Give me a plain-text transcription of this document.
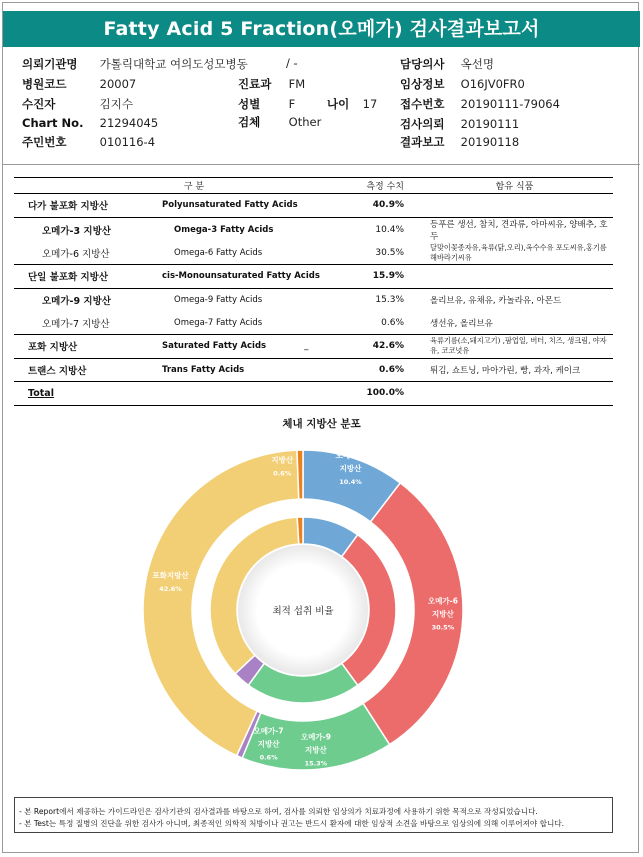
Fatty Acid 5 Fraction(오메가) 검사결과보고서
의뢰기관명 가톨릭대학교 여의도성모병동	/ -	담당의사 옥선명
병원코드	20007	진료과 FM	임상정보 O16JV0FR0
수진자	김지수	성별 F	나이 17 접수번호 20190111-79064
Chart No. 21294045	검체 Other	검사의뢰 20190111
주민번호	010116-4	결과보고 20190118
구 분		측정 수치	함유 식품
다가 불포화 지방산	Polyunsaturated Fatty Acids	40.9%	
오메가-3 지방산	Omega-3 Fatty Acids	10.4%	등푸른 생선, 참치, 견과류, 아마씨유, 양배추, 호두
오메가-6 지방산	Omega-6 Fatty Acids	30.5%	달맞이꽃종자유,육류(닭,오리),옥수수유 포도씨유,홍기름 해바라기씨유
단일 불포화 지방산	cis-Monounsaturated Fatty Acids	15.9%	
오메가-9 지방산	Omega-9 Fatty Acids	15.3%	올리브유, 유채유, 카놀라유, 아몬드
오메가-7 지방산	Omega-7 Fatty Acids	0.6%	생선유, 올리브유
포화 지방산	Saturated Fatty Acids _	42.6%	육류기름(소,돼지고기) ,팜업일, 버터, 치즈, 생크림, 야자유, 코코넛유
트랜스 지방산	Trans Fatty Acids	0.6%	튀김, 쇼트닝, 마아가린, 빵, 과자, 케이크
Total		100.0%	
체내 지방산 분포
최적 섭취 비율
오메가-3 지방산 10.4%
오메가-6 지방산 30.5%
오메가-9 지방산 15.3%
오메가-7 지방산 0.6%
포화지방산 42.6%
트랜스 지방산 0.6%
- 본 Report에서 제공하는 가이드라인은 검사기관의 검사결과를 바탕으로 하여, 검사를 의뢰한 임상의가 치료과정에 사용하기 위한 목적으로 작성되었습니다.
- 본 Test는 특정 질병의 진단을 위한 검사가 아니며, 최종적인 의학적 처방이나 권고는 반드시 환자에 대한 임상적 소견을 바탕으로 임상의에 의해 이루어져야 합니다.
